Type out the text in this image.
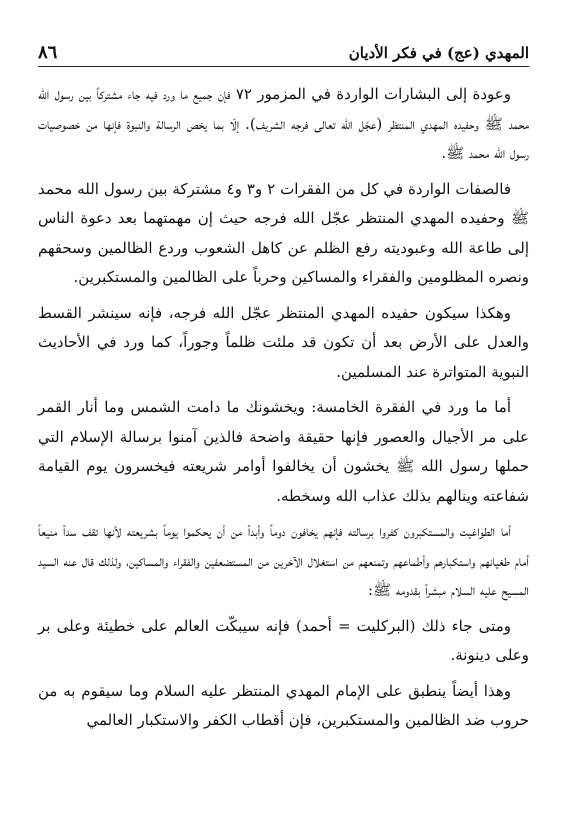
المهدي (عج) في فكر الأديان
٨٦

وعودة إلى البشارات الواردة في المزمور ٧٢ فإن جميع ما ورد فيه جاء مشتركاً بين رسول الله محمد ﷺ وحفيده المهدي المنتظر (عجّل الله تعالى فرجه الشريف). إلّا بما يخص الرسالة والنبوة فإنها من خصوصيات رسول الله محمد ﷺ.

فالصفات الواردة في كل من الفقرات ٢ و٣ و٤ مشتركة بين رسول الله محمد ﷺ وحفيده المهدي المنتظر عجّل الله فرجه حيث إن مهمتهما بعد دعوة الناس إلى طاعة الله وعبوديته رفع الظلم عن كاهل الشعوب وردع الظالمين وسحقهم ونصره المظلومين والفقراء والمساكين وحرباً على الظالمين والمستكبرين.

وهكذا سيكون حفيده المهدي المنتظر عجّل الله فرجه، فإنه سينشر القسط والعدل على الأرض بعد أن تكون قد ملئت ظلماً وجوراً، كما ورد في الأحاديث النبوية المتواترة عند المسلمين.

أما ما ورد في الفقرة الخامسة: ويخشونك ما دامت الشمس وما أنار القمر على مر الأجيال والعصور فإنها حقيقة واضحة فالذين آمنوا برسالة الإسلام التي حملها رسول الله ﷺ يخشون أن يخالفوا أوامر شريعته فيخسرون يوم القيامة شفاعته وينالهم بذلك عذاب الله وسخطه.

أما الطواغيت والمستكبرون كفروا برسالته فإنهم يخافون دوماً وأبداً من أن يحكموا يوماً بشريعته لأنها تقف سداً منيعاً أمام طغيانهم واستكبارهم وأطماعهم وتمنعهم من استغلال الآخرين من المستضعفين والفقراء والمساكين، ولذلك قال عنه السيد المسيح عليه السلام مبشراً بقدومه ﷺ:

ومتى جاء ذلك (البركليت = أحمد) فإنه سيبكّت العالم على خطيئة وعلى بر وعلى دينونة.

وهذا أيضاً ينطبق على الإمام المهدي المنتظر عليه السلام وما سيقوم به من حروب ضد الظالمين والمستكبرين، فإن أقطاب الكفر والاستكبار العالمي
